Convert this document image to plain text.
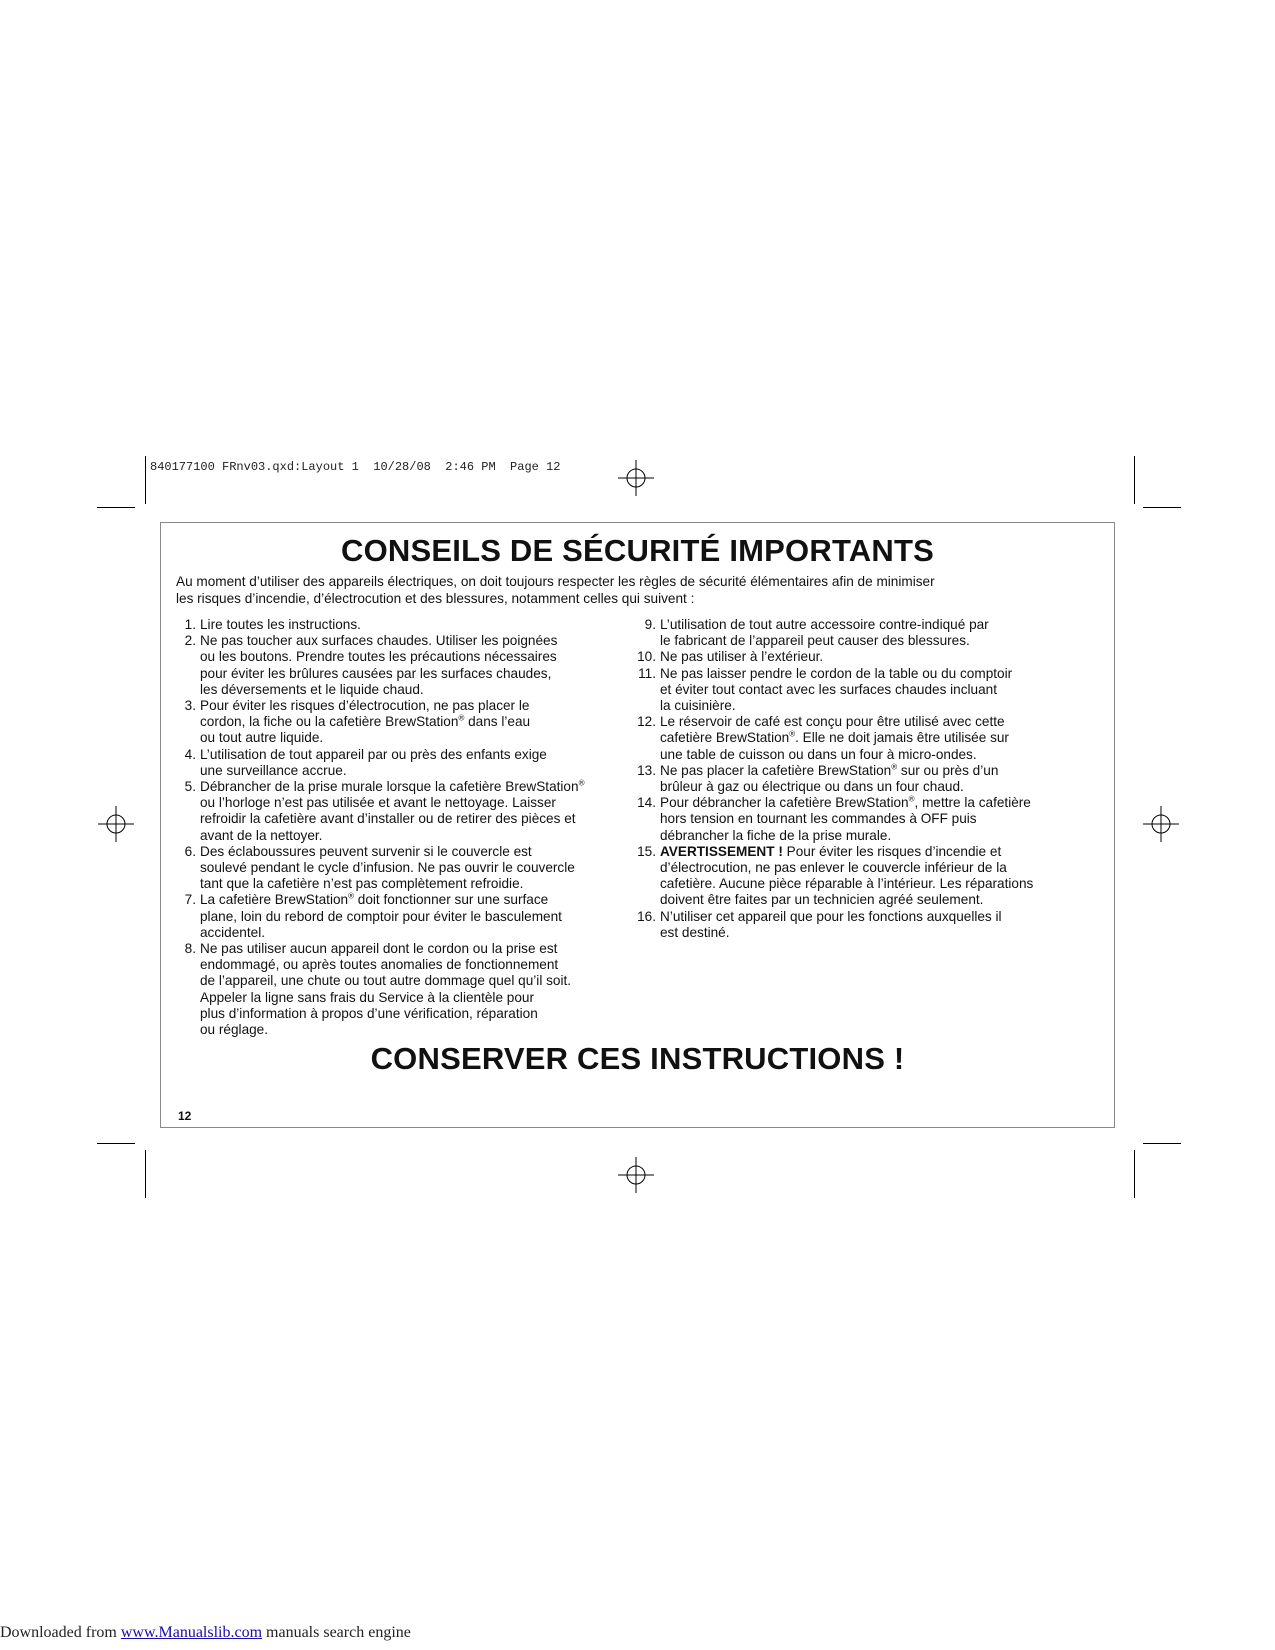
840177100 FRnv03.qxd:Layout 1  10/28/08  2:46 PM  Page 12
CONSEILS DE SÉCURITÉ IMPORTANTS
Au moment d’utiliser des appareils électriques, on doit toujours respecter les règles de sécurité élémentaires afin de minimiser
les risques d’incendie, d’électrocution et des blessures, notamment celles qui suivent :
1. Lire toutes les instructions.
2. Ne pas toucher aux surfaces chaudes. Utiliser les poignées
ou les boutons. Prendre toutes les précautions nécessaires
pour éviter les brûlures causées par les surfaces chaudes,
les déversements et le liquide chaud.
3. Pour éviter les risques d’électrocution, ne pas placer le
cordon, la fiche ou la cafetière BrewStation® dans l’eau
ou tout autre liquide.
4. L’utilisation de tout appareil par ou près des enfants exige
une surveillance accrue.
5. Débrancher de la prise murale lorsque la cafetière BrewStation®
ou l’horloge n’est pas utilisée et avant le nettoyage. Laisser
refroidir la cafetière avant d’installer ou de retirer des pièces et
avant de la nettoyer.
6. Des éclaboussures peuvent survenir si le couvercle est
soulevé pendant le cycle d’infusion. Ne pas ouvrir le couvercle
tant que la cafetière n’est pas complètement refroidie.
7. La cafetière BrewStation® doit fonctionner sur une surface
plane, loin du rebord de comptoir pour éviter le basculement
accidentel.
8. Ne pas utiliser aucun appareil dont le cordon ou la prise est
endommagé, ou après toutes anomalies de fonctionnement
de l’appareil, une chute ou tout autre dommage quel qu’il soit.
Appeler la ligne sans frais du Service à la clientèle pour
plus d’information à propos d’une vérification, réparation
ou réglage.
9. L’utilisation de tout autre accessoire contre-indiqué par
le fabricant de l’appareil peut causer des blessures.
10. Ne pas utiliser à l’extérieur.
11. Ne pas laisser pendre le cordon de la table ou du comptoir
et éviter tout contact avec les surfaces chaudes incluant
la cuisinière.
12. Le réservoir de café est conçu pour être utilisé avec cette
cafetière BrewStation®. Elle ne doit jamais être utilisée sur
une table de cuisson ou dans un four à micro-ondes.
13. Ne pas placer la cafetière BrewStation® sur ou près d’un
brûleur à gaz ou électrique ou dans un four chaud.
14. Pour débrancher la cafetière BrewStation®, mettre la cafetière
hors tension en tournant les commandes à OFF puis
débrancher la fiche de la prise murale.
15. AVERTISSEMENT ! Pour éviter les risques d’incendie et
d’électrocution, ne pas enlever le couvercle inférieur de la
cafetière. Aucune pièce réparable à l’intérieur. Les réparations
doivent être faites par un technicien agréé seulement.
16. N’utiliser cet appareil que pour les fonctions auxquelles il
est destiné.
CONSERVER CES INSTRUCTIONS !
12
Downloaded from www.Manualslib.com manuals search engine
